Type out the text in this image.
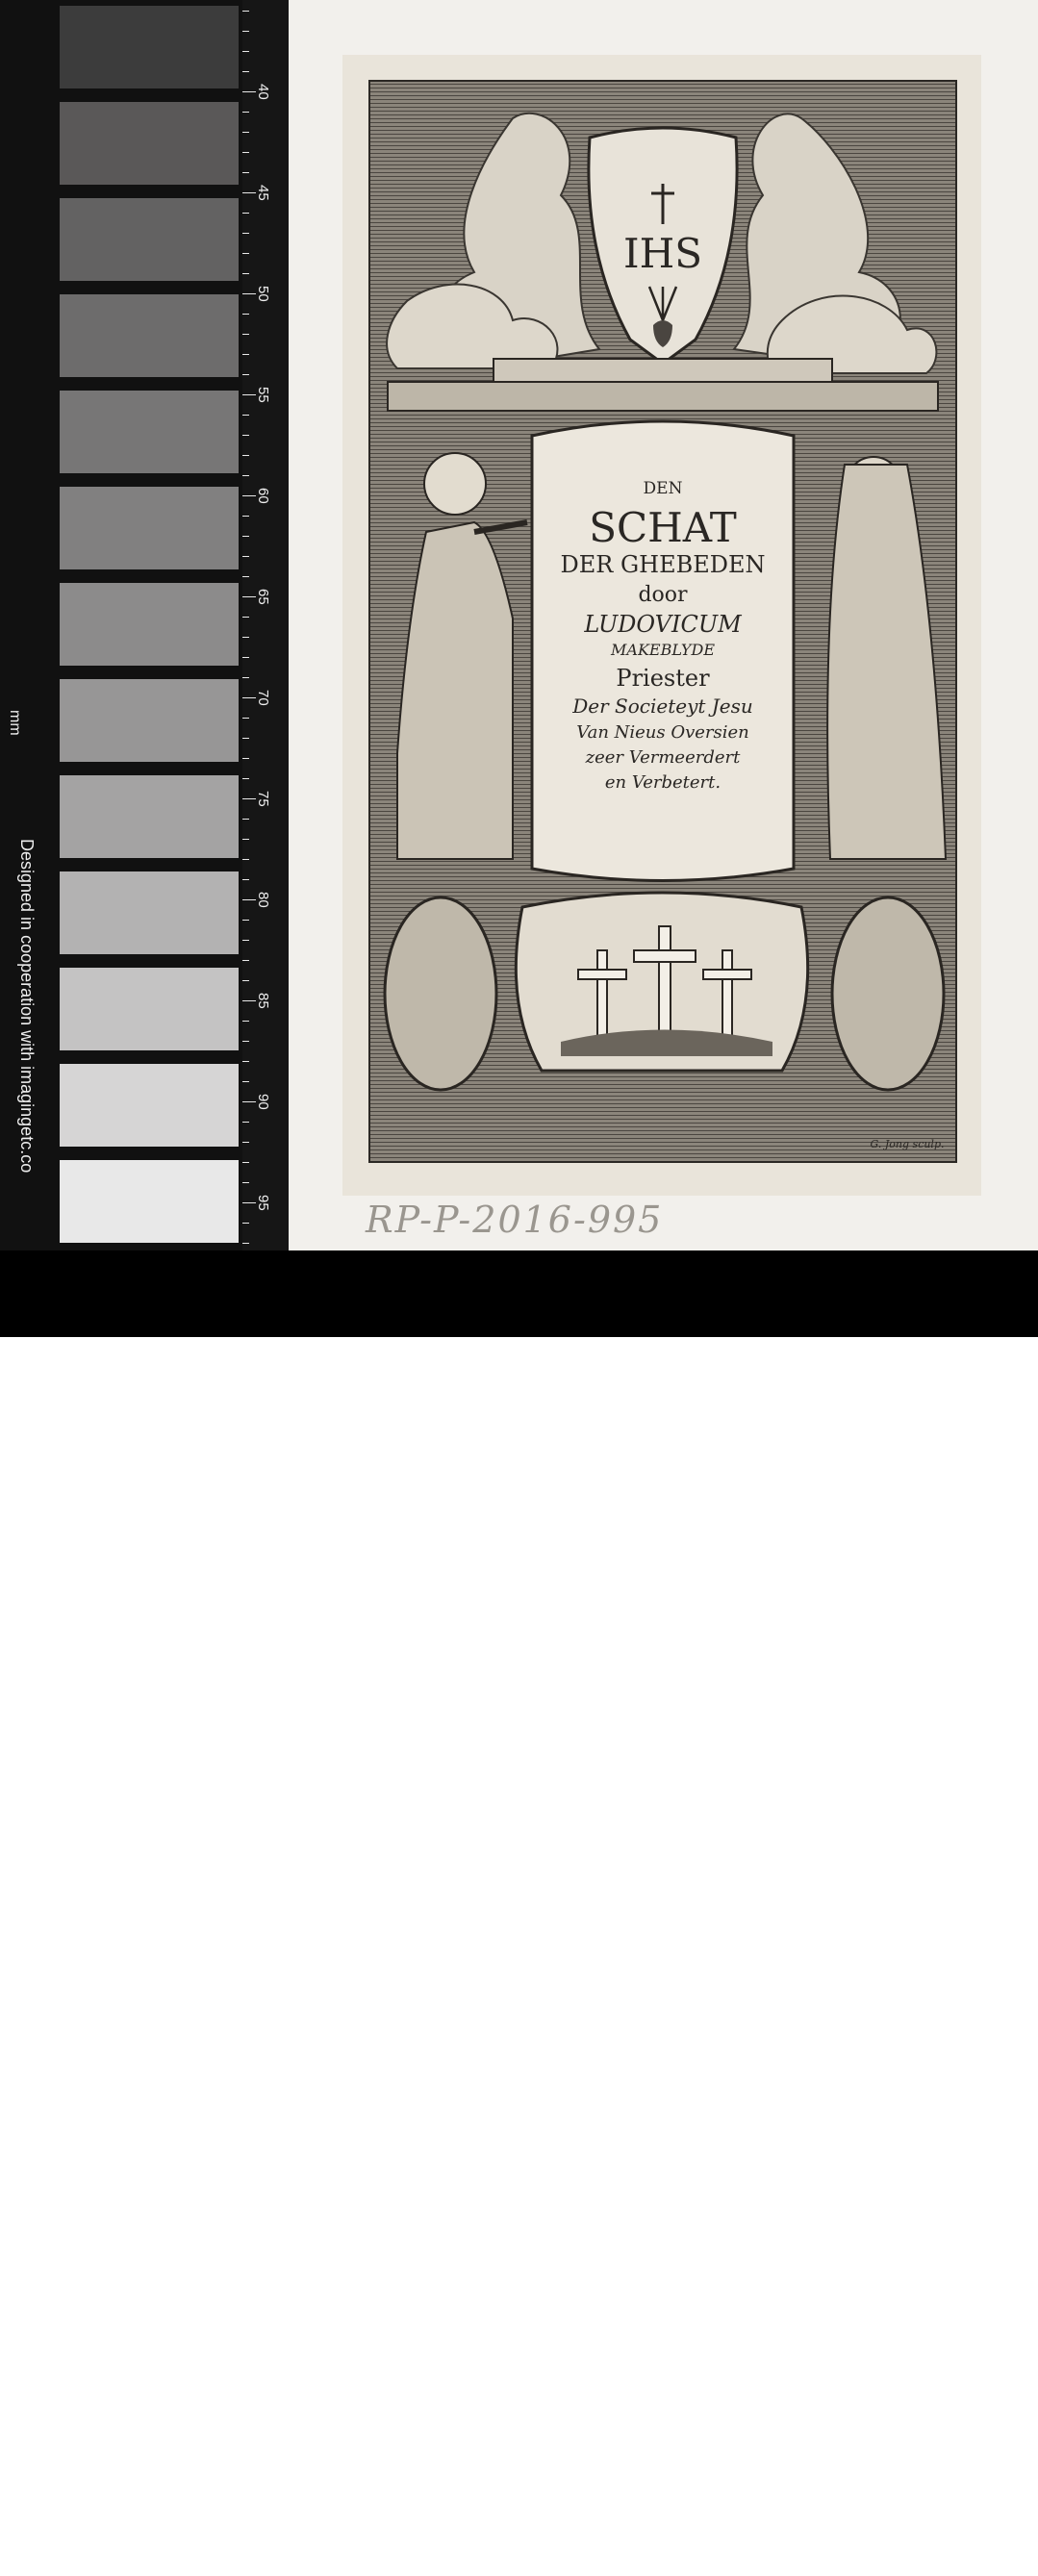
40
45
50
55
60
65
70
75
80
85
90
95
mm
Designed in cooperation with imagingetc.co
IHS
DEN
SCHAT
DER GHEBEDEN
door
LUDOVICUM
MAKEBLYDE
Priester
Der Societeyt Jesu
Van Nieus Oversien
zeer Vermeerdert
en Verbetert.
G. Jong sculp.
RP-P-2016-995
alamy	Image ID: 2WEGNR4
www.alamy.com
